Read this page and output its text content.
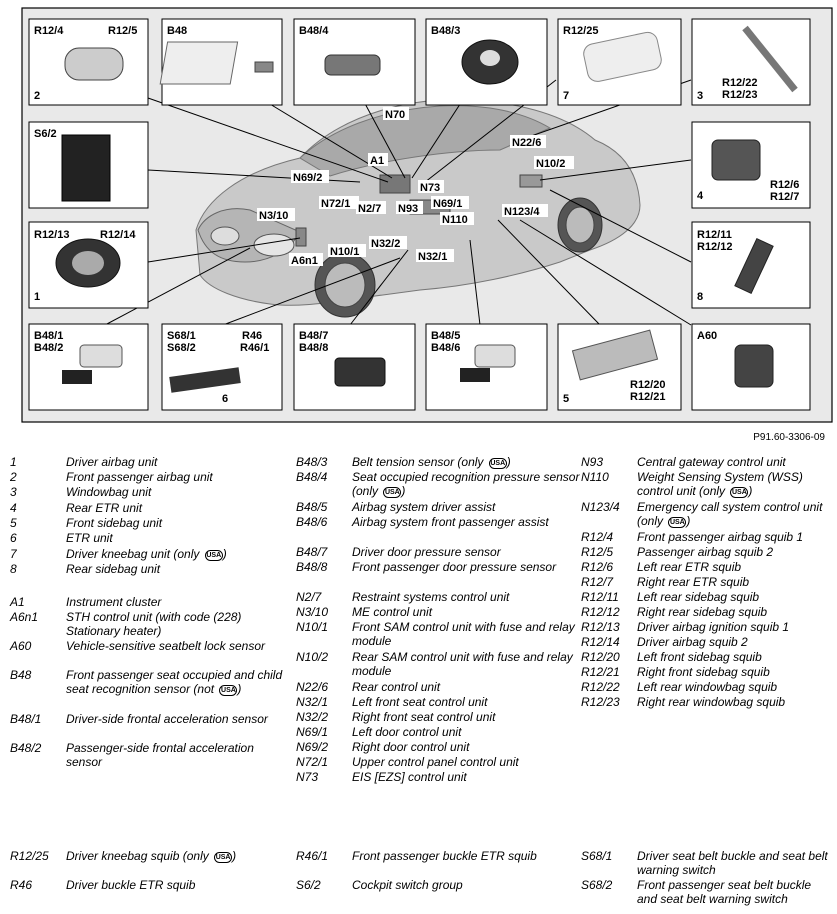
R12/4	R12/5
2
B48	B48/4	B48/3	R12/25
7	3
R12/22
R12/23
S6/2
4
R12/6
R12/7
R12/13	R12/14
1
R12/11
R12/12
8
B48/1
B48/2
S68/1
S68/2
R46
R46/1
6
B48/7
B48/8
B48/5
B48/6
5
R12/20
R12/21
A60
N70
N22/6
A1	N10/2
N69/2
N73
N72/1	N69/1
N123/4
N2/7 N93
N3/10	N110
N32/2
N10/1	N32/1
A6n1
P91.60-3306-09
1	Driver airbag unit
2	Front passenger airbag unit
3	Windowbag unit
4	Rear ETR unit
5	Front sidebag unit
6	ETR unit
7	Driver kneebag unit (only USA )
8	Rear sidebag unit
A1	Instrument cluster
A6n1 STH control unit (with code (228) Stationary heater)
A60	Vehicle-sensitive seatbelt lock sensor
B48	Front passenger seat occupied and child seat recognition sensor (not USA )
B48/1 Driver-side frontal acceleration sensor
B48/2 Passenger-side frontal acceleration sensor
B48/3 Belt tension sensor (only USA )
B48/4 Seat occupied recognition pressure sensor (only USA )
B48/5 Airbag system driver assist
B48/6 Airbag system front passenger assist
B48/7 Driver door pressure sensor
B48/8 Front passenger door pressure sensor
N2/7	Restraint systems control unit
N3/10 ME control unit
N10/1 Front SAM control unit with fuse and relay module
N10/2 Rear SAM control unit with fuse and relay module
N22/6 Rear control unit
N32/1 Left front seat control unit
N32/2 Right front seat control unit
N69/1 Left door control unit
N69/2 Right door control unit
N72/1 Upper control panel control unit
N73	EIS [EZS] control unit
N93	Central gateway control unit
N110 Weight Sensing System (WSS) control unit (only USA )
N123/4 Emergency call system control unit (only USA )
R12/4 Front passenger airbag squib 1
R12/5 Passenger airbag squib 2
R12/6 Left rear ETR squib
R12/7 Right rear ETR squib
R12/11 Left rear sidebag squib
R12/12 Right rear sidebag squib
R12/13 Driver airbag ignition squib 1
R12/14 Driver airbag squib 2
R12/20 Left front sidebag squib
R12/21 Right front sidebag squib
R12/22 Left rear windowbag squib
R12/23 Right rear windowbag squib
R12/25 Driver kneebag squib (only USA )
R46	Driver buckle ETR squib
R46/1 Front passenger buckle ETR squib
S6/2	Cockpit switch group
S68/1 Driver seat belt buckle and seat belt warning switch
S68/2 Front passenger seat belt buckle and seat belt warning switch
